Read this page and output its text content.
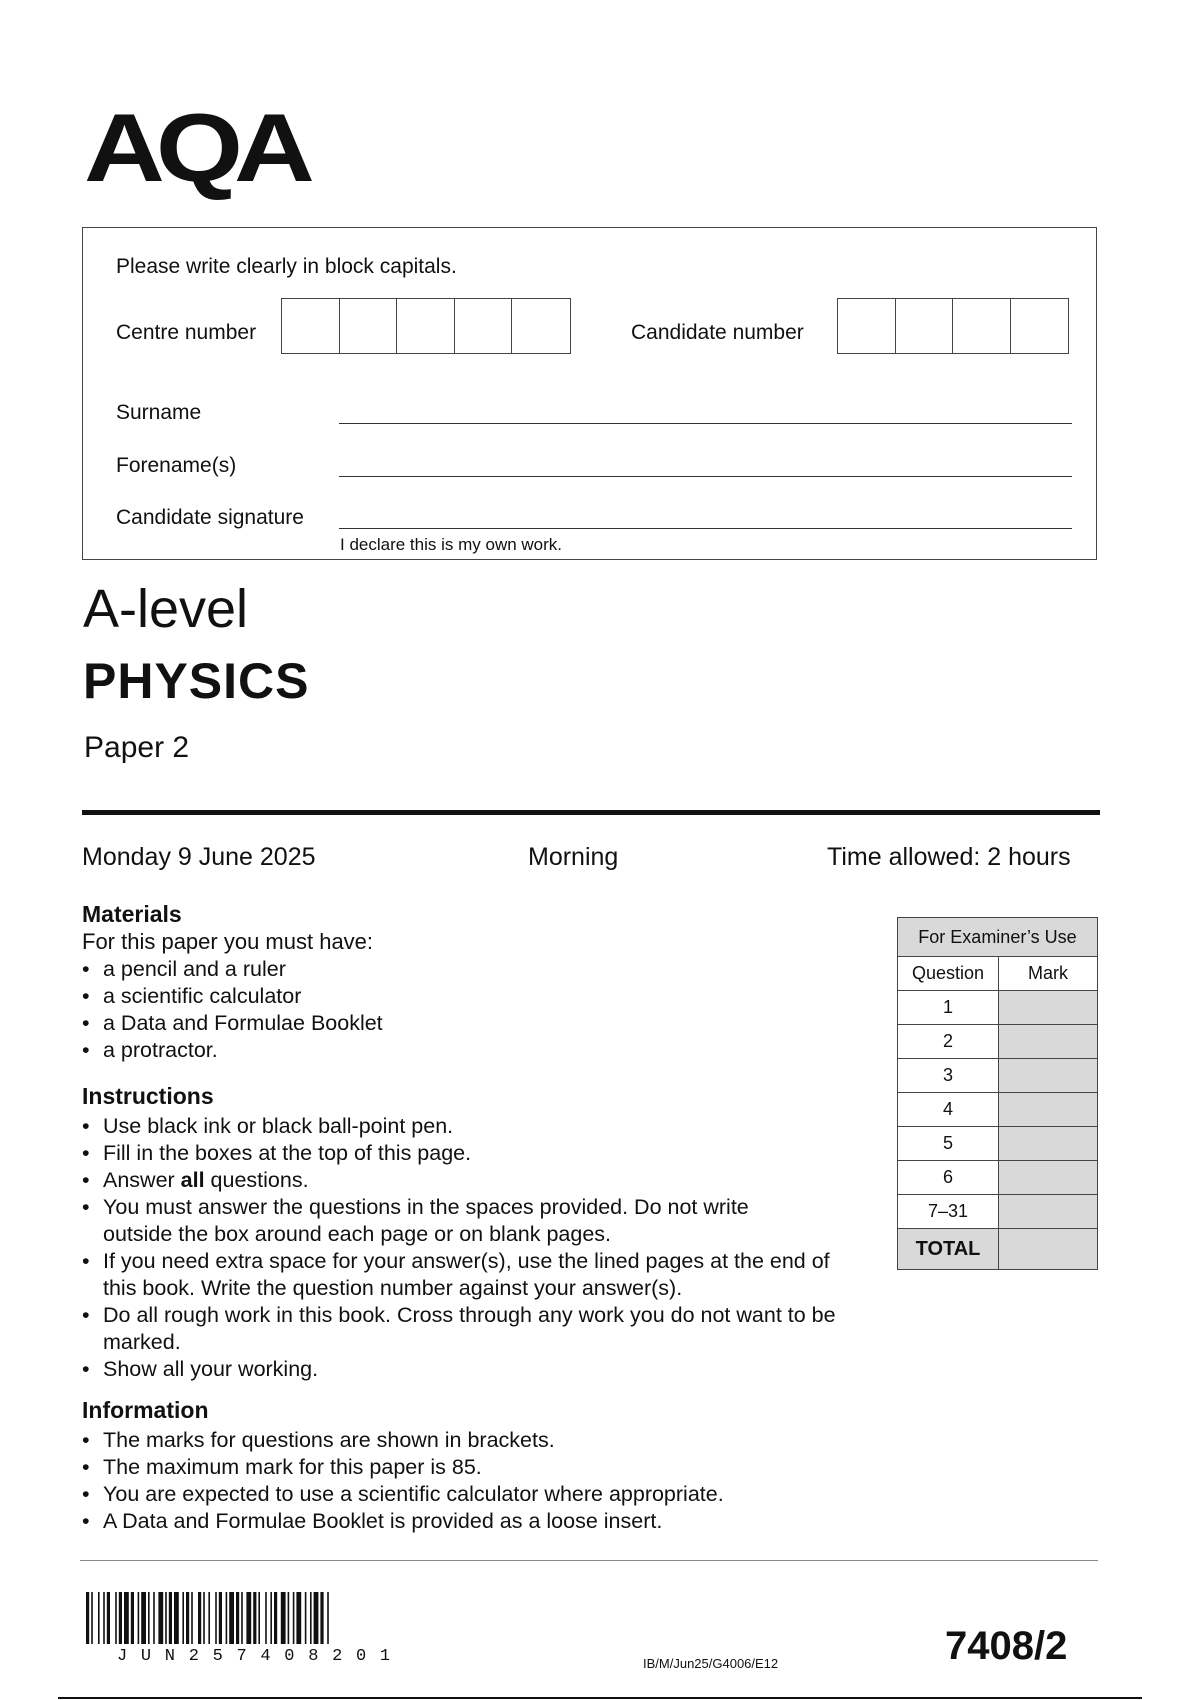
AQA
Please write clearly in block capitals.
Centre number	Candidate number
Surname
Forename(s)
Candidate signature
I declare this is my own work.
A-level
PHYSICS
Paper 2
Monday 9 June 2025	Morning	Time allowed: 2 hours
Materials
For this paper you must have:
• a pencil and a ruler
• a scientific calculator
• a Data and Formulae Booklet
• a protractor.
Instructions
• Use black ink or black ball-point pen.
• Fill in the boxes at the top of this page.
• Answer all questions.
• You must answer the questions in the spaces provided. Do not write outside the box around each page or on blank pages.
• If you need extra space for your answer(s), use the lined pages at the end of this book. Write the question number against your answer(s).
• Do all rough work in this book. Cross through any work you do not want to be marked.
• Show all your working.
Information
• The marks for questions are shown in brackets.
• The maximum mark for this paper is 85.
• You are expected to use a scientific calculator where appropriate.
• A Data and Formulae Booklet is provided as a loose insert.
For Examiner’s Use	
Question	Mark
1	
2	
3	
4	
5	
6	
7–31	
TOTAL	
JUN257408201	IB/M/Jun25/G4006/E12	7408/2
